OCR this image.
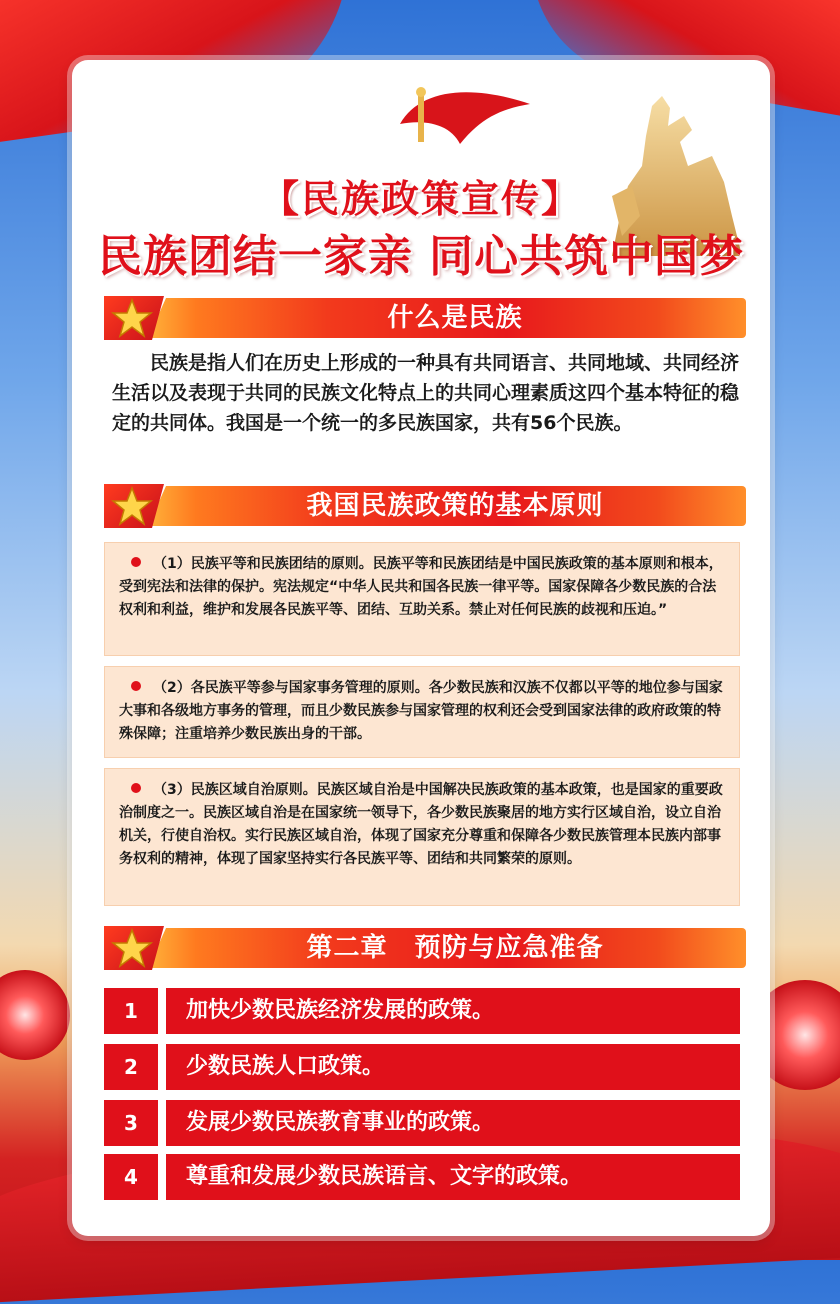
【民族政策宣传】
民族团结一家亲 同心共筑中国梦
什么是民族

民族是指人们在历史上形成的一种具有共同语言、共同地域、共同经济生活以及表现于共同的民族文化特点上的共同心理素质这四个基本特征的稳定的共同体。我国是一个统一的多民族国家，共有56个民族。

我国民族政策的基本原则
（1）民族平等和民族团结的原则。民族平等和民族团结是中国民族政策的基本原则和根本，受到宪法和法律的保护。宪法规定“中华人民共和国各民族一律平等。国家保障各少数民族的合法权利和利益，维护和发展各民族平等、团结、互助关系。禁止对任何民族的歧视和压迫。”
（2）各民族平等参与国家事务管理的原则。各少数民族和汉族不仅都以平等的地位参与国家大事和各级地方事务的管理，而且少数民族参与国家管理的权利还会受到国家法律的政府政策的特殊保障；注重培养少数民族出身的干部。
（3）民族区域自治原则。民族区域自治是中国解决民族政策的基本政策，也是国家的重要政治制度之一。民族区域自治是在国家统一领导下，各少数民族聚居的地方实行区域自治，设立自治机关，行使自治权。实行民族区域自治，体现了国家充分尊重和保障各少数民族管理本民族内部事务权利的精神，体现了国家坚持实行各民族平等、团结和共同繁荣的原则。
第二章　预防与应急准备
1	加快少数民族经济发展的政策。
2	少数民族人口政策。
3	发展少数民族教育事业的政策。
4	尊重和发展少数民族语言、文字的政策。
